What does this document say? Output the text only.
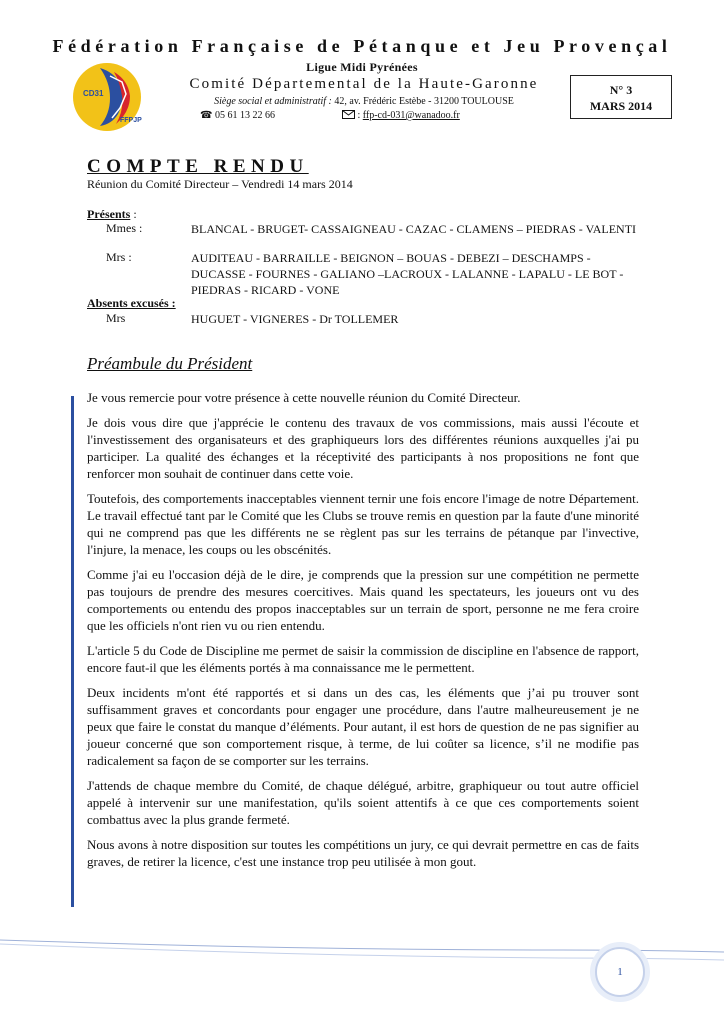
Fédération Française de Pétanque et Jeu Provençal
Ligue Midi Pyrénées
CD31
FFPJP
Comité Départemental de la Haute-Garonne
Siège social et administratif : 42, av. Frédéric Estèbe - 31200 TOULOUSE
☎ 05 61 13 22 66	: ffp-cd-031@wanadoo.fr
N° 3
MARS 2014
COMPTE RENDU
Réunion du Comité Directeur – Vendredi 14 mars 2014
Présents :
Mmes :	BLANCAL - BRUGET- CASSAIGNEAU - CAZAC - CLAMENS – PIEDRAS - VALENTI
Mrs :	AUDITEAU - BARRAILLE - BEIGNON – BOUAS - DEBEZI – DESCHAMPS - DUCASSE - FOURNES - GALIANO –LACROUX - LALANNE - LAPALU - LE BOT - PIEDRAS - RICARD - VONE
Absents excusés :
Mrs	HUGUET - VIGNERES - Dr TOLLEMER
Préambule du Président

Je vous remercie pour votre présence à cette nouvelle réunion du Comité Directeur.

Je dois vous dire que j'apprécie le contenu des travaux de vos commissions, mais aussi l'écoute et l'investissement des organisateurs et des graphiqueurs lors des différentes réunions auxquelles j'ai pu participer. La qualité des échanges et la réceptivité des participants à nos propositions ne font que renforcer mon souhait de continuer dans cette voie.

Toutefois, des comportements inacceptables viennent ternir une fois encore l'image de notre Département. Le travail effectué tant par le Comité que les Clubs se trouve remis en question par la faute d'une minorité qui ne comprend pas que les différents ne se règlent pas sur les terrains de pétanque par l'invective, l'injure, la menace, les coups ou les obscénités.

Comme j'ai eu l'occasion déjà de le dire, je comprends que la pression sur une compétition ne permette pas toujours de prendre des mesures coercitives. Mais quand les spectateurs, les joueurs ont vu des comportements ou entendu des propos inacceptables sur un terrain de sport, personne ne me fera croire que les officiels n'ont rien vu ou rien entendu.

L'article 5 du Code de Discipline me permet de saisir la commission de discipline en l'absence de rapport, encore faut-il que les éléments portés à ma connaissance me le permettent.

Deux incidents m'ont été rapportés et si dans un des cas, les éléments que j’ai pu trouver sont suffisamment graves et concordants pour engager une procédure, dans l'autre malheureusement je ne peux que faire le constat du manque d’éléments. Pour autant, il est hors de question de ne pas signifier au joueur concerné que son comportement risque, à terme, de lui coûter sa licence, s’il ne modifie pas radicalement sa façon de se comporter sur les terrains.

J'attends de chaque membre du Comité, de chaque délégué, arbitre, graphiqueur ou tout autre officiel appelé à intervenir sur une manifestation, qu'ils soient attentifs à ce que ces comportements soient combattus avec la plus grande fermeté.

Nous avons à notre disposition sur toutes les compétitions un jury, ce qui devrait permettre en cas de faits graves, de retirer la licence, c'est une instance trop peu utilisée à mon gout.

1
